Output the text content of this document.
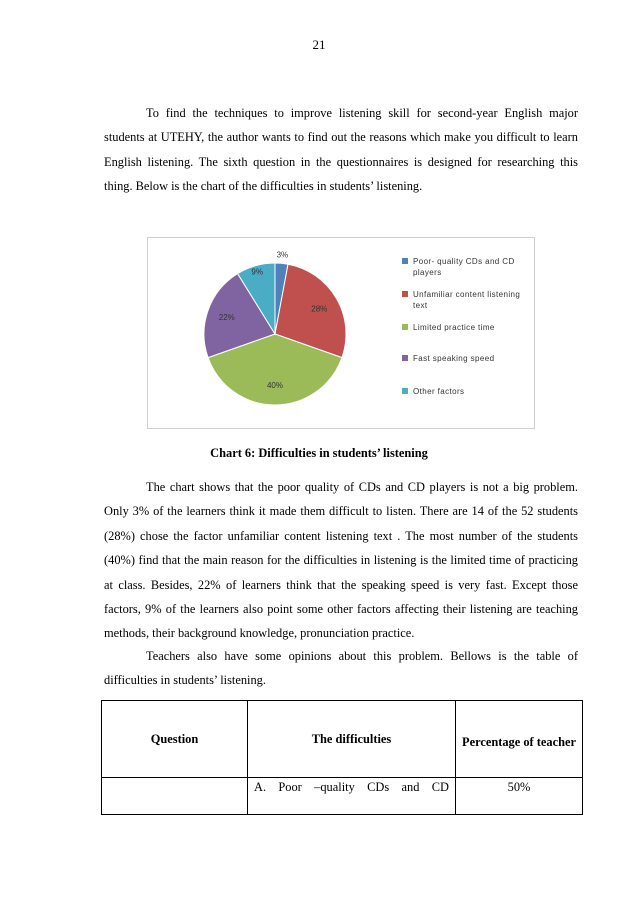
21

To find the techniques to improve listening skill for second-year English major students at UTEHY, the author wants to find out the reasons which make you difficult to learn English listening. The sixth question in the questionnaires is designed for researching this thing. Below is the chart of the difficulties in students’ listening.

3%
28%
40%
22%
9%
Poor- quality CDs and CD players
Unfamiliar content listening text
Limited practice time
Fast speaking speed
Other factors
Chart 6: Difficulties in students’ listening

The chart shows that the poor quality of CDs and CD players is not a big problem. Only 3% of the learners think it made them difficult to listen. There are 14 of the 52 students (28%) chose the factor unfamiliar content listening text . The most number of the students (40%) find that the main reason for the difficulties in listening is the limited time of practicing at class. Besides, 22% of learners think that the speaking speed is very fast. Except those factors, 9% of the learners also point some other factors affecting their listening are teaching methods, their background knowledge, pronunciation practice.

Teachers also have some opinions about this problem. Bellows is the table of difficulties in students’ listening.

Question	The difficulties	Percentage of teacher
	A. Poor –quality CDs and CD	50%
